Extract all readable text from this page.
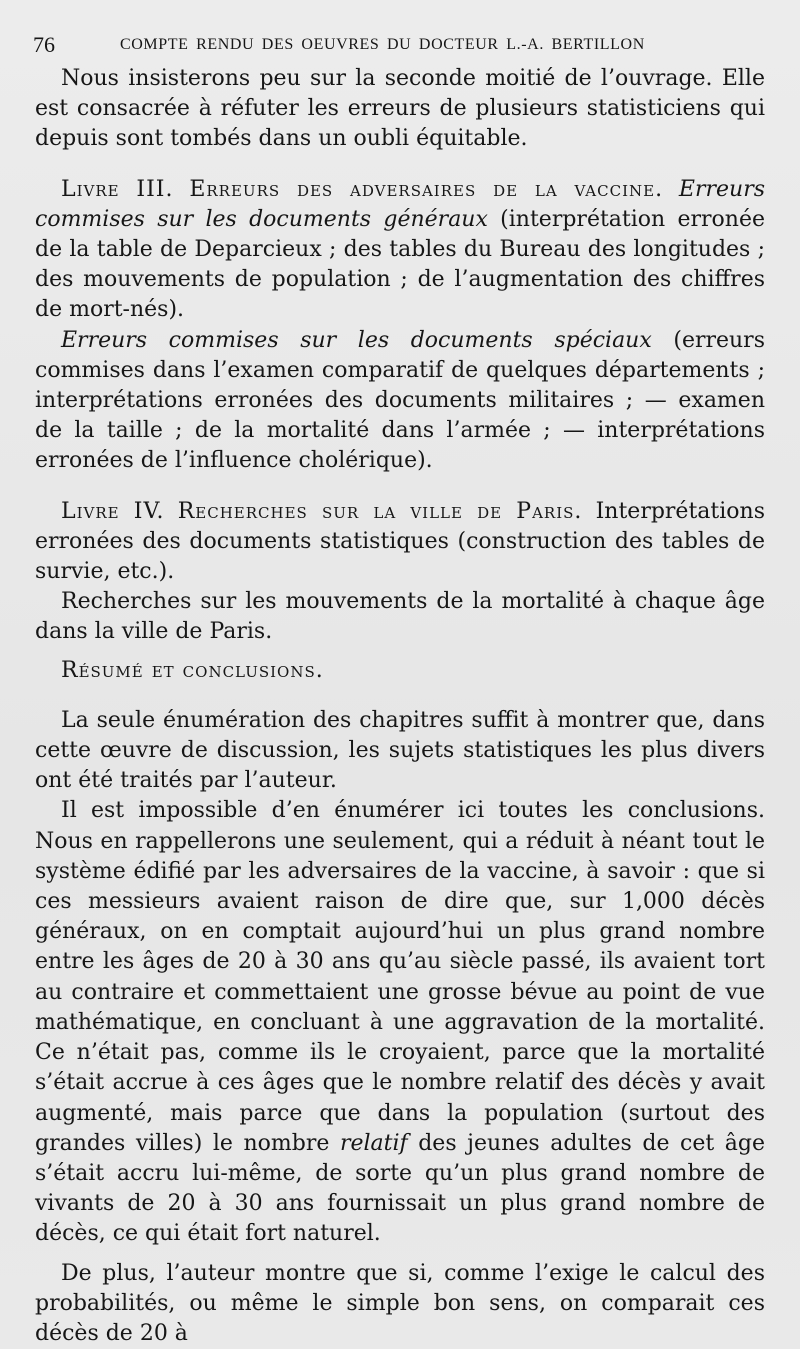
76	COMPTE RENDU DES OEUVRES DU DOCTEUR L.-A. BERTILLON

Nous insisterons peu sur la seconde moitié de l’ouvrage. Elle est consacrée à réfuter les erreurs de plusieurs statisticiens qui depuis sont tombés dans un oubli équitable.

Livre III. Erreurs des adversaires de la vaccine. Erreurs commises sur les documents généraux (interprétation erronée de la table de Deparcieux ; des tables du Bureau des longitudes ; des mouvements de population ; de l’augmentation des chiffres de mort-nés).

Erreurs commises sur les documents spéciaux (erreurs commises dans l’examen comparatif de quelques départements ; interprétations erronées des documents militaires ; — examen de la taille ; de la mortalité dans l’armée ; — interprétations erronées de l’influence cholérique).

Livre IV. Recherches sur la ville de Paris. Interprétations erronées des documents statistiques (construction des tables de survie, etc.).

Recherches sur les mouvements de la mortalité à chaque âge dans la ville de Paris.

Résumé et conclusions.

La seule énumération des chapitres suffit à montrer que, dans cette œuvre de discussion, les sujets statistiques les plus divers ont été traités par l’auteur.

Il est impossible d’en énumérer ici toutes les conclusions. Nous en rappellerons une seulement, qui a réduit à néant tout le système édifié par les adversaires de la vaccine, à savoir : que si ces messieurs avaient raison de dire que, sur 1,000 décès généraux, on en comptait aujourd’hui un plus grand nombre entre les âges de 20 à 30 ans qu’au siècle passé, ils avaient tort au contraire et commettaient une grosse bévue au point de vue mathématique, en concluant à une aggravation de la mortalité. Ce n’était pas, comme ils le croyaient, parce que la mortalité s’était accrue à ces âges que le nombre relatif des décès y avait augmenté, mais parce que dans la population (surtout des grandes villes) le nombre relatif des jeunes adultes de cet âge s’était accru lui-même, de sorte qu’un plus grand nombre de vivants de 20 à 30 ans fournissait un plus grand nombre de décès, ce qui était fort naturel.

De plus, l’auteur montre que si, comme l’exige le calcul des probabilités, ou même le simple bon sens, on comparait ces décès de 20 à
